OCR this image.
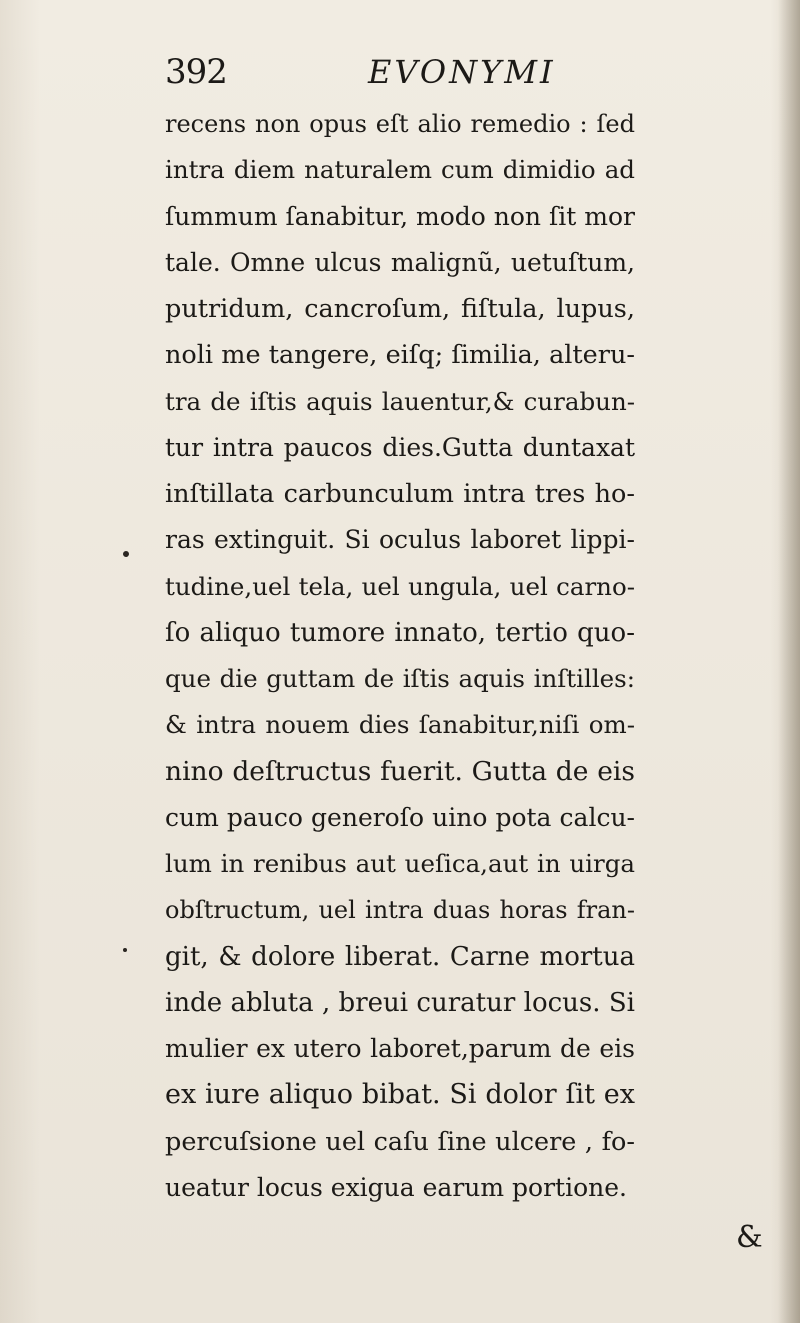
392	EVONYMI
recens non opus eſt alio remedio : ſed
intra diem naturalem cum dimidio ad
ſummum ſanabitur, modo non ſit mor
tale. Omne ulcus malignũ, uetuſtum,
putridum, cancroſum, fiſtula, lupus,
noli me tangere, eiſq; ſimilia, alteru-
tra de iſtis aquis lauentur,& curabun-
tur intra paucos dies.Gutta duntaxat
inſtillata carbunculum intra tres ho-
ras extinguit. Si oculus laboret lippi-
tudine,uel tela, uel ungula, uel carno-
ſo aliquo tumore innato, tertio quo-
que die guttam de iſtis aquis inſtilles:
& intra nouem dies ſanabitur,niſi om-
nino deſtructus fuerit. Gutta de eis
cum pauco generoſo uino pota calcu-
lum in renibus aut ueſica,aut in uirga
obſtructum, uel intra duas horas fran-
git, & dolore liberat. Carne mortua
inde abluta , breui curatur locus. Si
mulier ex utero laboret,parum de eis
ex iure aliquo bibat. Si dolor ſit ex
percuſsione uel caſu ſine ulcere , fo-
ueatur locus exigua earum portione.
&
